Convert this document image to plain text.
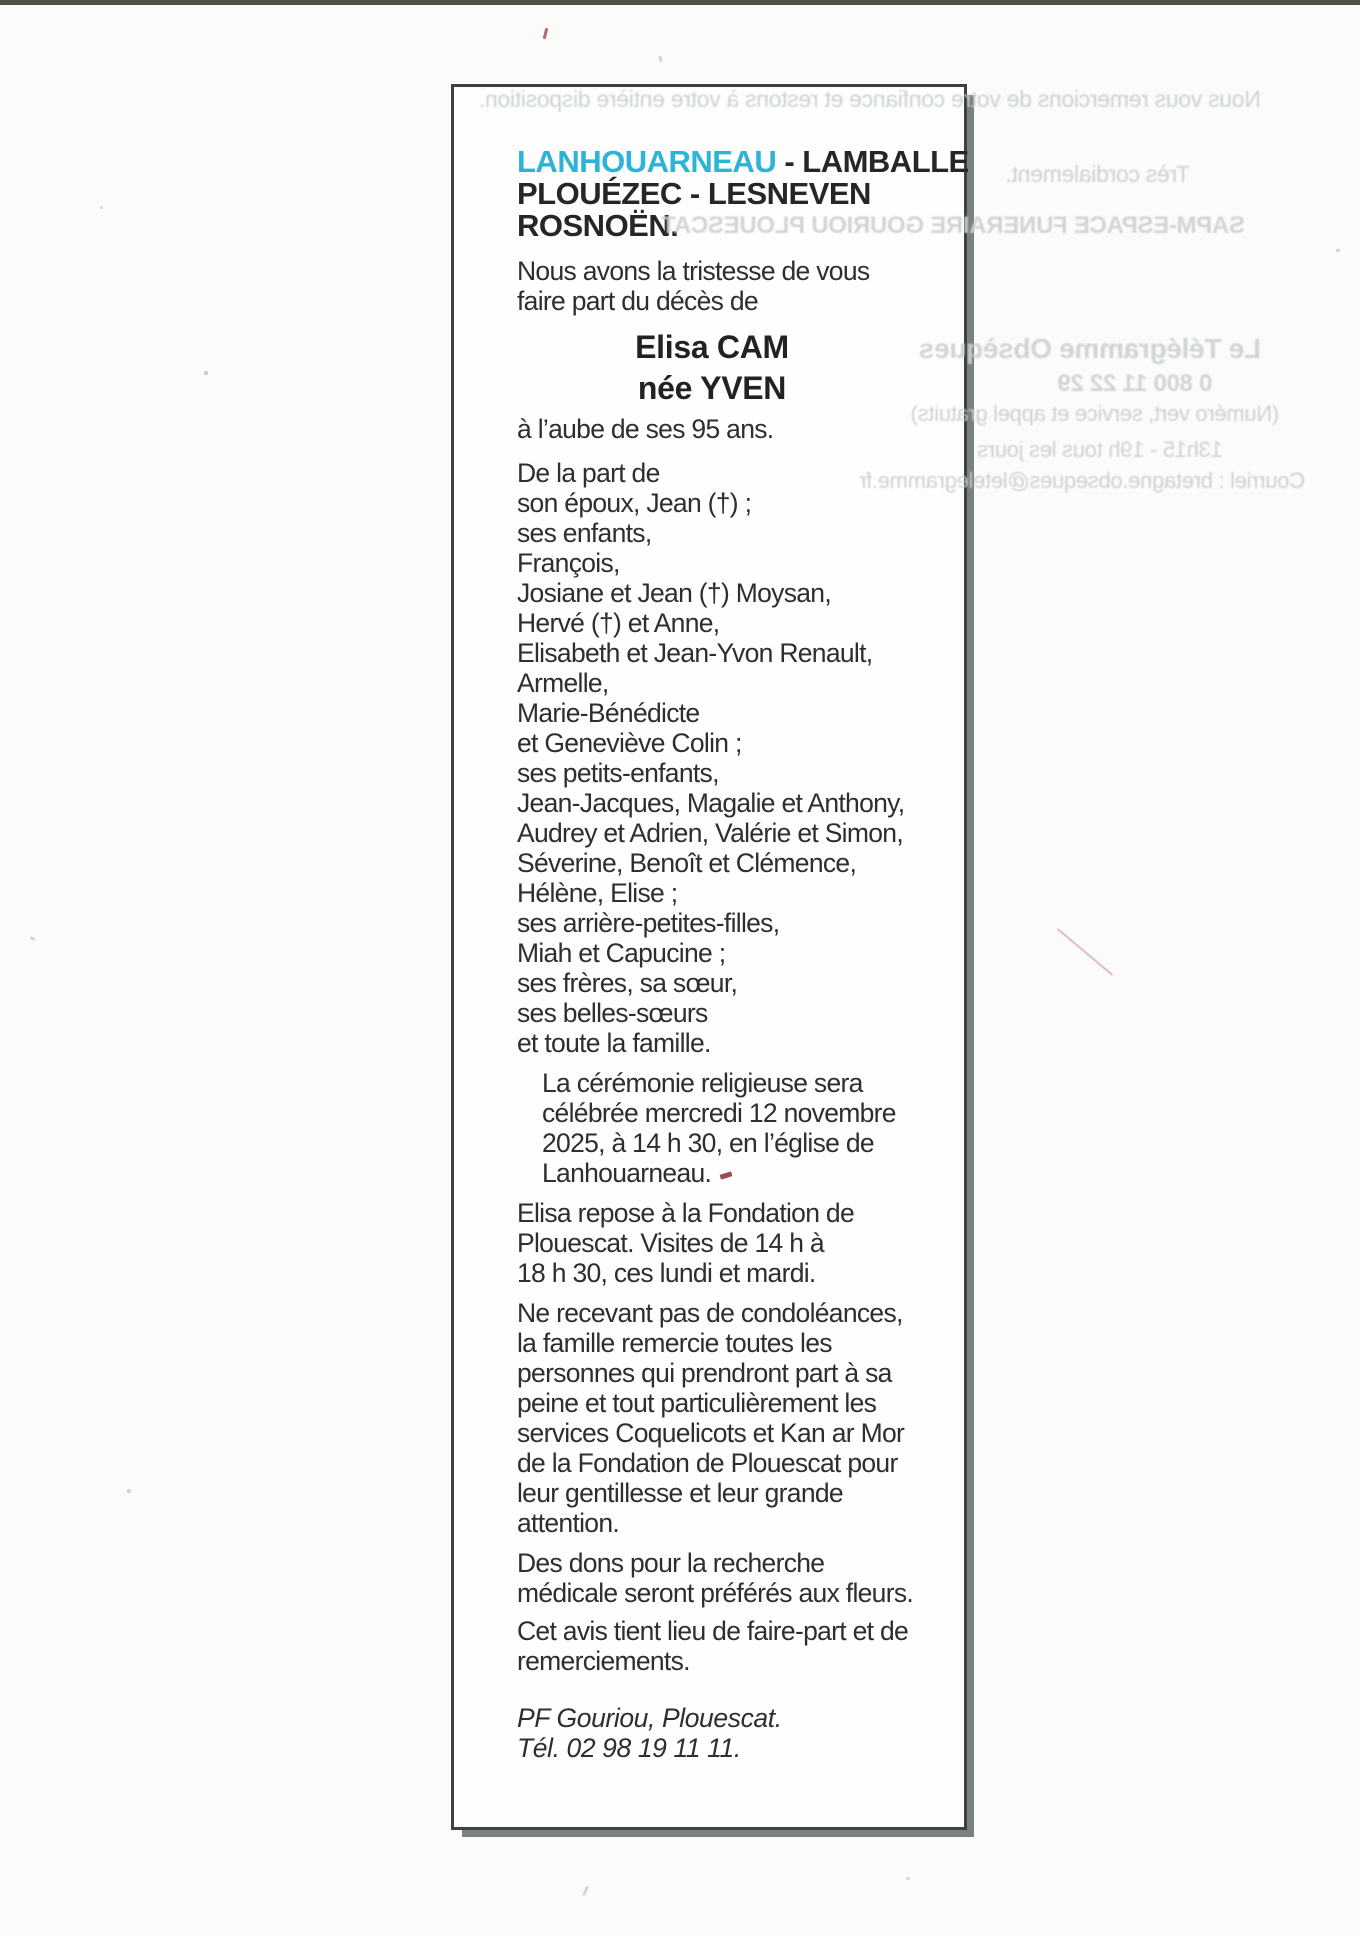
Nous vous remercions de votre confiance et restons à votre entière disposition.
Très cordialement.
SAPM-ESPACE FUNERAIRE GOURIOU PLOUESCAT
Le Télégramme Obsèques
0 800 11 22 29
(Numéro vert, service et appel gratuits)
13h15 - 19h tous les jours
Courriel : bretagne.obseques@letelegramme.fr
LANHOUARNEAU - LAMBALLE
PLOUÉZEC - LESNEVEN
ROSNOËN.
Nous avons la tristesse de vous
faire part du décès de
Elisa CAM
née YVEN
à l’aube de ses 95 ans.
De la part de
son époux, Jean (†) ;
ses enfants,
François,
Josiane et Jean (†) Moysan,
Hervé (†) et Anne,
Elisabeth et Jean-Yvon Renault,
Armelle,
Marie-Bénédicte
et Geneviève Colin ;
ses petits-enfants,
Jean-Jacques, Magalie et Anthony,
Audrey et Adrien, Valérie et Simon,
Séverine, Benoît et Clémence,
Hélène, Elise ;
ses arrière-petites-filles,
Miah et Capucine ;
ses frères, sa sœur,
ses belles-sœurs
et toute la famille.
La cérémonie religieuse sera
célébrée mercredi 12 novembre
2025, à 14 h 30, en l’église de
Lanhouarneau.
Elisa repose à la Fondation de
Plouescat. Visites de 14 h à
18 h 30, ces lundi et mardi.
Ne recevant pas de condoléances,
la famille remercie toutes les
personnes qui prendront part à sa
peine et tout particulièrement les
services Coquelicots et Kan ar Mor
de la Fondation de Plouescat pour
leur gentillesse et leur grande
attention.
Des dons pour la recherche
médicale seront préférés aux fleurs.
Cet avis tient lieu de faire-part et de
remerciements.
PF Gouriou, Plouescat.
Tél. 02 98 19 11 11.
